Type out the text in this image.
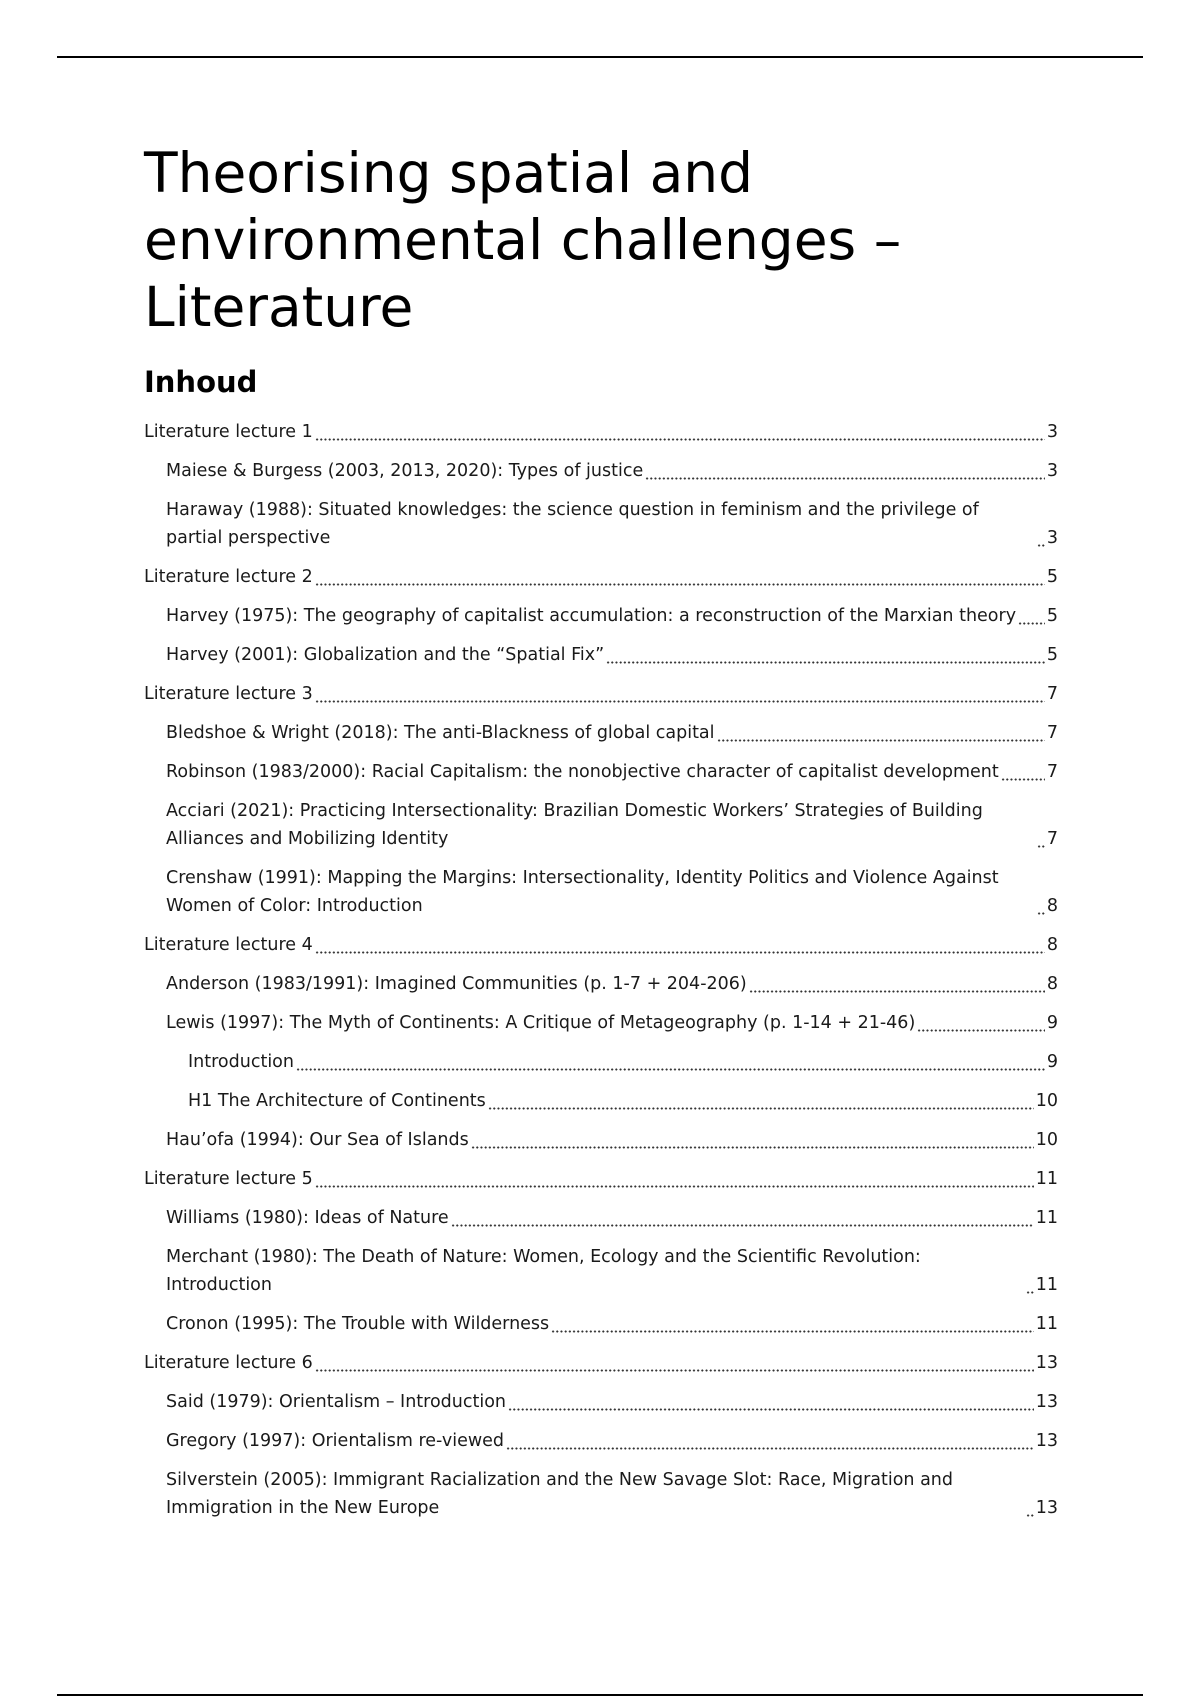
Theorising spatial and environmental challenges – Literature
Inhoud
Literature lecture 1	3
Maiese & Burgess (2003, 2013, 2020): Types of justice	3
Haraway (1988): Situated knowledges: the science question in feminism and the privilege of partial perspective	3
Literature lecture 2	5
Harvey (1975): The geography of capitalist accumulation: a reconstruction of the Marxian theory 5
Harvey (2001): Globalization and the “Spatial Fix”	5
Literature lecture 3	7
Bledshoe & Wright (2018): The anti-Blackness of global capital	7
Robinson (1983/2000): Racial Capitalism: the nonobjective character of capitalist development	7
Acciari (2021): Practicing Intersectionality: Brazilian Domestic Workers’ Strategies of Building Alliances and Mobilizing Identity	7
Crenshaw (1991): Mapping the Margins: Intersectionality, Identity Politics and Violence Against Women of Color: Introduction	8
Literature lecture 4	8
Anderson (1983/1991): Imagined Communities (p. 1-7 + 204-206)	8
Lewis (1997): The Myth of Continents: A Critique of Metageography (p. 1-14 + 21-46)	9
Introduction	9
H1 The Architecture of Continents	10
Hau’ofa (1994): Our Sea of Islands	10
Literature lecture 5	11
Williams (1980): Ideas of Nature	11
Merchant (1980): The Death of Nature: Women, Ecology and the Scientific Revolution: Introduction	11
Cronon (1995): The Trouble with Wilderness	11
Literature lecture 6	13
Said (1979): Orientalism – Introduction	13
Gregory (1997): Orientalism re-viewed	13
Silverstein (2005): Immigrant Racialization and the New Savage Slot: Race, Migration and Immigration in the New Europe	13
